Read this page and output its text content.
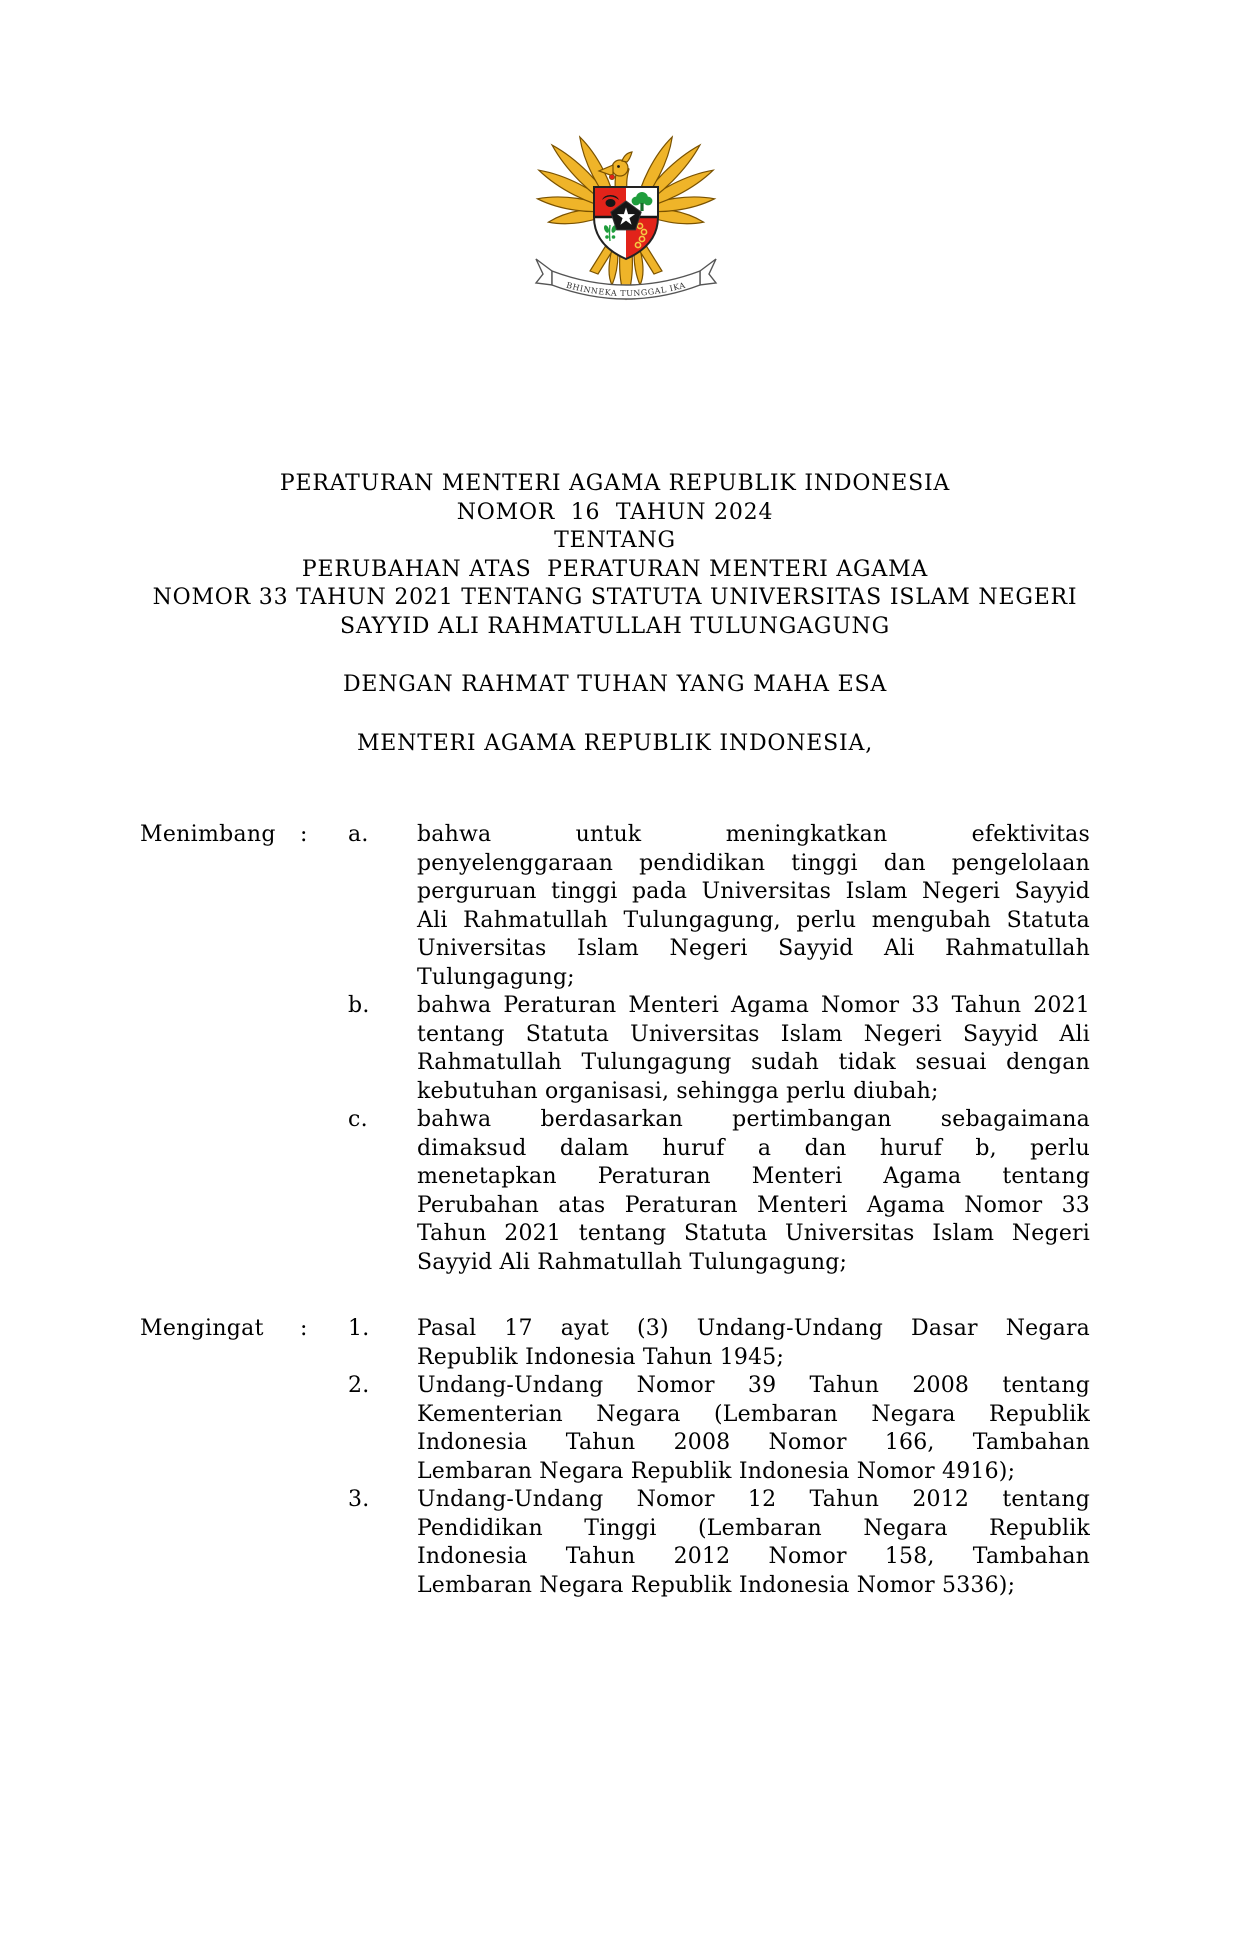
BHINNEKA TUNGGAL IKA
PERATURAN MENTERI AGAMA REPUBLIK INDONESIA
NOMOR  16  TAHUN 2024
TENTANG
PERUBAHAN ATAS  PERATURAN MENTERI AGAMA
NOMOR 33 TAHUN 2021 TENTANG STATUTA UNIVERSITAS ISLAM NEGERI
SAYYID ALI RAHMATULLAH TULUNGAGUNG
DENGAN RAHMAT TUHAN YANG MAHA ESA
MENTERI AGAMA REPUBLIK INDONESIA,
Menimbang	:	a.	bahwa untuk meningkatkan efektivitas
penyelenggaraan pendidikan tinggi dan pengelolaan
perguruan tinggi pada Universitas Islam Negeri Sayyid
Ali Rahmatullah Tulungagung, perlu mengubah Statuta
Universitas Islam Negeri Sayyid Ali Rahmatullah
Tulungagung;
b.	bahwa Peraturan Menteri Agama Nomor 33 Tahun 2021
tentang Statuta Universitas Islam Negeri Sayyid Ali
Rahmatullah Tulungagung sudah tidak sesuai dengan
kebutuhan organisasi, sehingga perlu diubah;
c.	bahwa berdasarkan pertimbangan sebagaimana
dimaksud dalam huruf a dan huruf b, perlu
menetapkan Peraturan Menteri Agama tentang
Perubahan atas Peraturan Menteri Agama Nomor 33
Tahun 2021 tentang Statuta Universitas Islam Negeri
Sayyid Ali Rahmatullah Tulungagung;
Mengingat	:	1.	Pasal 17 ayat (3) Undang-Undang Dasar Negara
Republik Indonesia Tahun 1945;
2.	Undang-Undang Nomor 39 Tahun 2008 tentang
Kementerian Negara (Lembaran Negara Republik
Indonesia Tahun 2008 Nomor 166, Tambahan
Lembaran Negara Republik Indonesia Nomor 4916);
3.	Undang-Undang Nomor 12 Tahun 2012 tentang
Pendidikan Tinggi (Lembaran Negara Republik
Indonesia Tahun 2012 Nomor 158, Tambahan
Lembaran Negara Republik Indonesia Nomor 5336);
